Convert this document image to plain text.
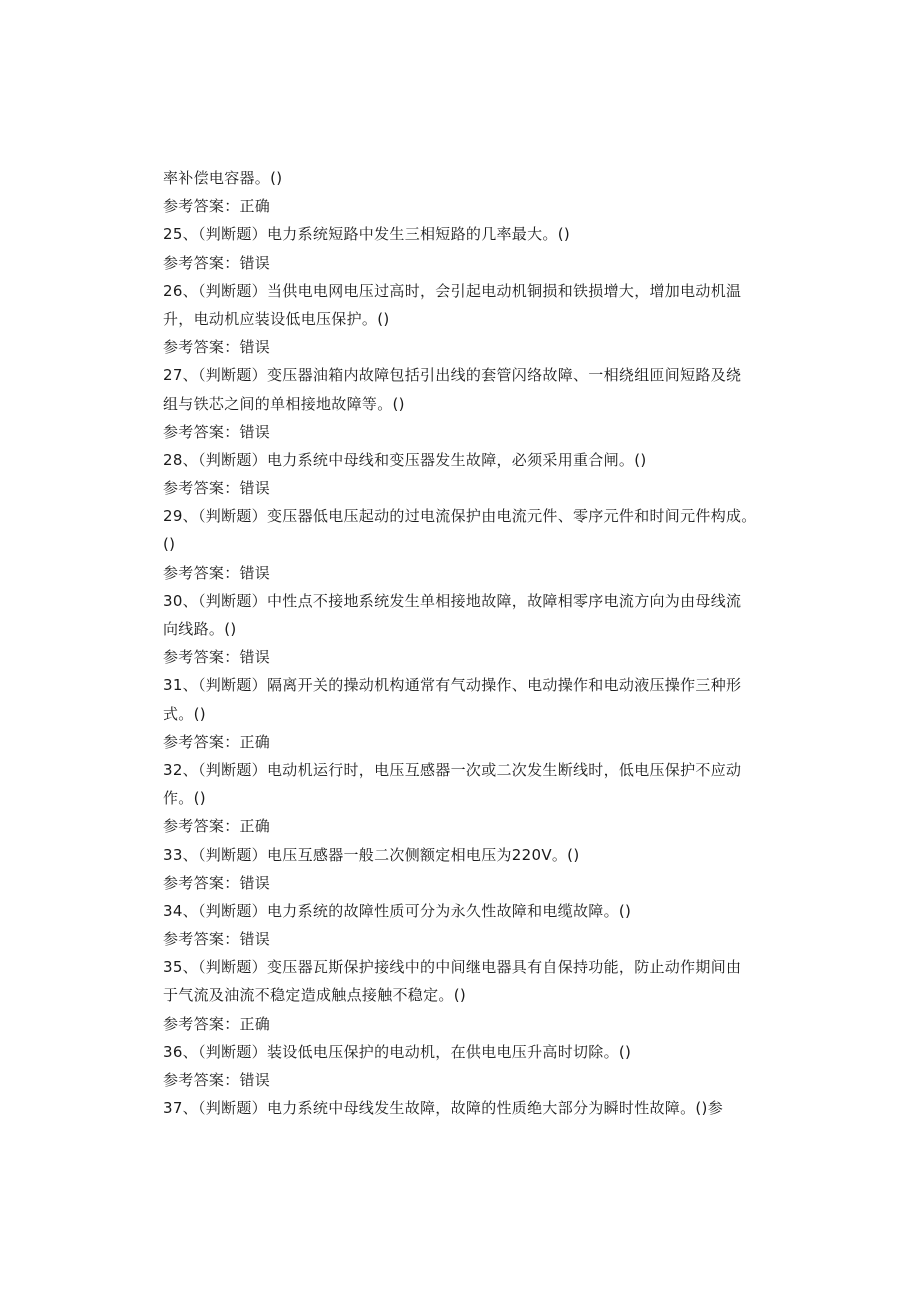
率补偿电容器。()
参考答案：正确
25、（判断题）电力系统短路中发生三相短路的几率最大。()
参考答案：错误
26、（判断题）当供电电网电压过高时，会引起电动机铜损和铁损增大，增加电动机温
升，电动机应装设低电压保护。()
参考答案：错误
27、（判断题）变压器油箱内故障包括引出线的套管闪络故障、一相绕组匝间短路及绕
组与铁芯之间的单相接地故障等。()
参考答案：错误
28、（判断题）电力系统中母线和变压器发生故障，必须采用重合闸。()
参考答案：错误
29、（判断题）变压器低电压起动的过电流保护由电流元件、零序元件和时间元件构成。
()
参考答案：错误
30、（判断题）中性点不接地系统发生单相接地故障，故障相零序电流方向为由母线流
向线路。()
参考答案：错误
31、（判断题）隔离开关的操动机构通常有气动操作、电动操作和电动液压操作三种形
式。()
参考答案：正确
32、（判断题）电动机运行时，电压互感器一次或二次发生断线时，低电压保护不应动
作。()
参考答案：正确
33、（判断题）电压互感器一般二次侧额定相电压为220V。()
参考答案：错误
34、（判断题）电力系统的故障性质可分为永久性故障和电缆故障。()
参考答案：错误
35、（判断题）变压器瓦斯保护接线中的中间继电器具有自保持功能，防止动作期间由
于气流及油流不稳定造成触点接触不稳定。()
参考答案：正确
36、（判断题）装设低电压保护的电动机，在供电电压升高时切除。()
参考答案：错误
37、（判断题）电力系统中母线发生故障，故障的性质绝大部分为瞬时性故障。()参
